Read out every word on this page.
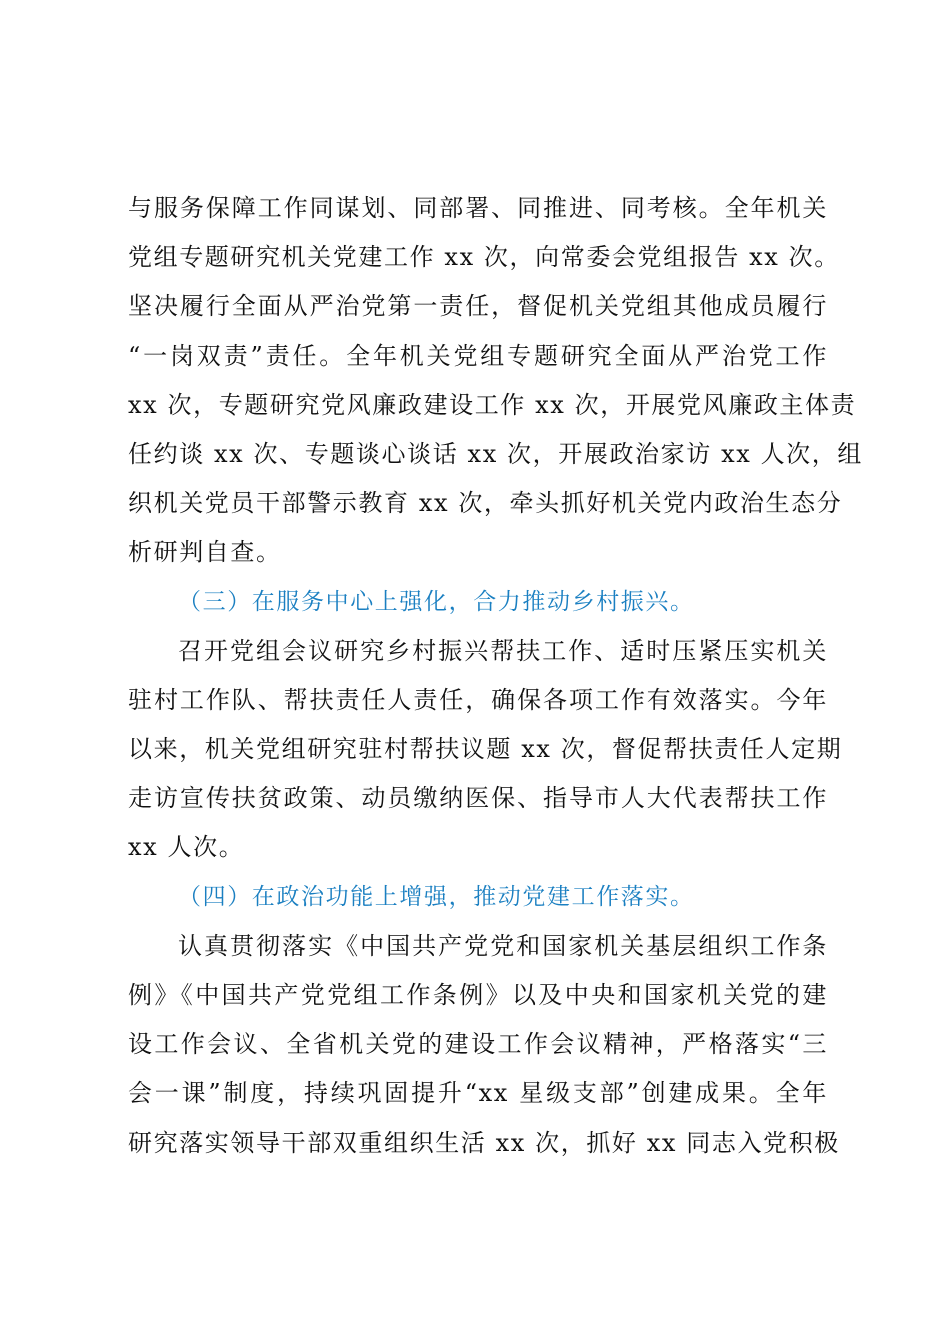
与服务保障工作同谋划、同部署、同推进、同考核。全年机关
党组专题研究机关党建工作 xx 次，向常委会党组报告 xx 次。
坚决履行全面从严治党第一责任，督促机关党组其他成员履行
“一岗双责”责任。全年机关党组专题研究全面从严治党工作
xx 次，专题研究党风廉政建设工作 xx 次，开展党风廉政主体责
任约谈 xx 次、专题谈心谈话 xx 次，开展政治家访 xx 人次，组
织机关党员干部警示教育 xx 次，牵头抓好机关党内政治生态分
析研判自查。

（三）在服务中心上强化，合力推动乡村振兴。

召开党组会议研究乡村振兴帮扶工作、适时压紧压实机关
驻村工作队、帮扶责任人责任，确保各项工作有效落实。今年
以来，机关党组研究驻村帮扶议题 xx 次，督促帮扶责任人定期
走访宣传扶贫政策、动员缴纳医保、指导市人大代表帮扶工作
xx 人次。

（四）在政治功能上增强，推动党建工作落实。

认真贯彻落实《中国共产党党和国家机关基层组织工作条
例》《中国共产党党组工作条例》以及中央和国家机关党的建
设工作会议、全省机关党的建设工作会议精神，严格落实“三
会一课”制度，持续巩固提升“xx 星级支部”创建成果。全年
研究落实领导干部双重组织生活 xx 次，抓好 xx 同志入党积极
